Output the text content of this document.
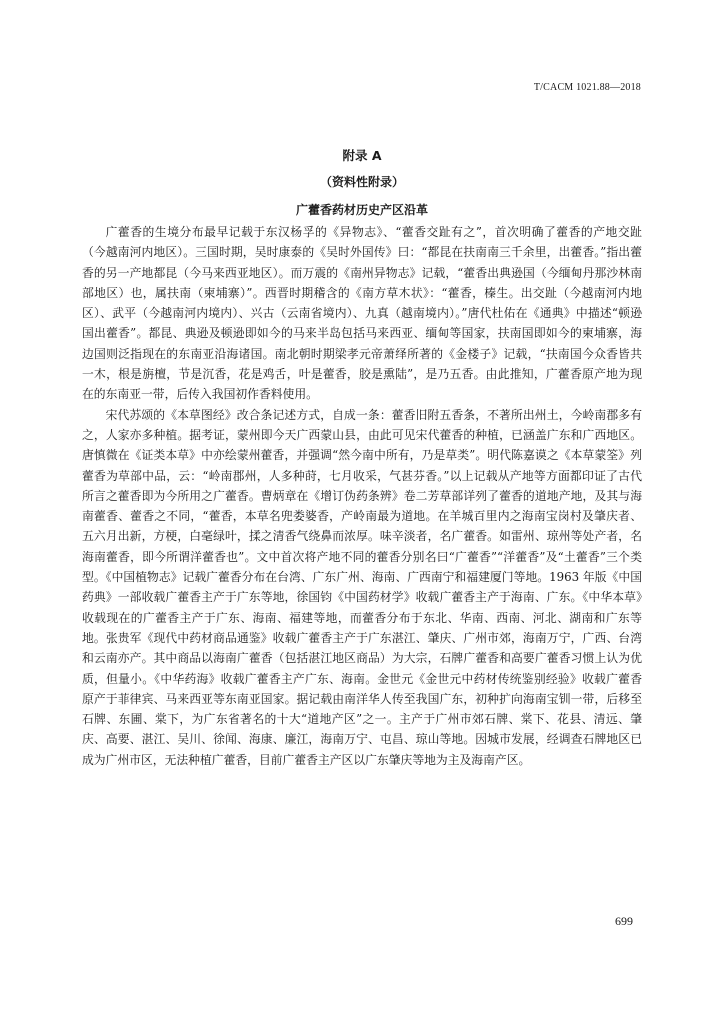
T/CACM 1021.88—2018
附录 A
（资料性附录）
广藿香药材历史产区沿革

广藿香的生境分布最早记载于东汉杨孚的《异物志》、“藿香交趾有之”，首次明确了藿香的产地交趾（今越南河内地区）。三国时期，吴时康泰的《吴时外国传》曰：“都昆在扶南南三千余里，出藿香。”指出藿香的另一产地都昆（今马来西亚地区）。而万震的《南州异物志》记载，“藿香出典逊国（今缅甸丹那沙林南部地区）也，属扶南（柬埔寨）”。西晋时期稽含的《南方草木状》：“藿香，榛生。出交趾（今越南河内地区）、武平（今越南河内境内）、兴古（云南省境内）、九真（越南境内）。”唐代杜佑在《通典》中描述“顿逊国出藿香”。都昆、典逊及顿逊即如今的马来半岛包括马来西亚、缅甸等国家，扶南国即如今的柬埔寨，海边国则泛指现在的东南亚沿海诸国。南北朝时期梁孝元帝萧绎所著的《金楼子》记载，“扶南国今众香皆共一木，根是旃檀，节是沉香，花是鸡舌，叶是藿香，胶是熏陆”，是乃五香。由此推知，广藿香原产地为现在的东南亚一带，后传入我国初作香料使用。

宋代苏颂的《本草图经》改合条记述方式，自成一条：藿香旧附五香条，不著所出州土，今岭南郡多有之，人家亦多种植。据考证，蒙州即今天广西蒙山县，由此可见宋代藿香的种植，已涵盖广东和广西地区。唐慎微在《证类本草》中亦绘蒙州藿香，并强调“然今南中所有，乃是草类”。明代陈嘉谟之《本草蒙筌》列藿香为草部中品，云：“岭南郡州，人多种莳，七月收采，气甚芬香。”以上记载从产地等方面都印证了古代所言之藿香即为今所用之广藿香。曹炳章在《增订伪药条辨》卷二芳草部详列了藿香的道地产地，及其与海南藿香、藿香之不同，“藿香，本草名兜娄婆香，产岭南最为道地。在羊城百里内之海南宝岗村及肇庆者、五六月出新，方梗，白毫绿叶，揉之清香气绕鼻而浓厚。味辛淡者，名广藿香。如雷州、琼州等处产者，名海南藿香，即今所谓洋藿香也”。文中首次将产地不同的藿香分别名曰“广藿香”“洋藿香”及“土藿香”三个类型。《中国植物志》记载广藿香分布在台湾、广东广州、海南、广西南宁和福建厦门等地。1963 年版《中国药典》一部收载广藿香主产于广东等地，徐国钧《中国药材学》收载广藿香主产于海南、广东。《中华本草》收载现在的广藿香主产于广东、海南、福建等地，而藿香分布于东北、华南、西南、河北、湖南和广东等地。张贵军《现代中药材商品通鉴》收载广藿香主产于广东湛江、肇庆、广州市郊，海南万宁，广西、台湾和云南亦产。其中商品以海南广藿香（包括湛江地区商品）为大宗，石牌广藿香和高要广藿香习惯上认为优质，但量小。《中华药海》收载广藿香主产广东、海南。金世元《金世元中药材传统鉴别经验》收载广藿香原产于菲律宾、马来西亚等东南亚国家。据记载由南洋华人传至我国广东，初种扩向海南宝钏一带，后移至石牌、东圃、棠下，为广东省著名的十大“道地产区”之一。主产于广州市郊石牌、棠下、花县、清远、肇庆、高要、湛江、吴川、徐闻、海康、廉江，海南万宁、屯昌、琼山等地。因城市发展，经调查石牌地区已成为广州市区，无法种植广藿香，目前广藿香主产区以广东肇庆等地为主及海南产区。

699
